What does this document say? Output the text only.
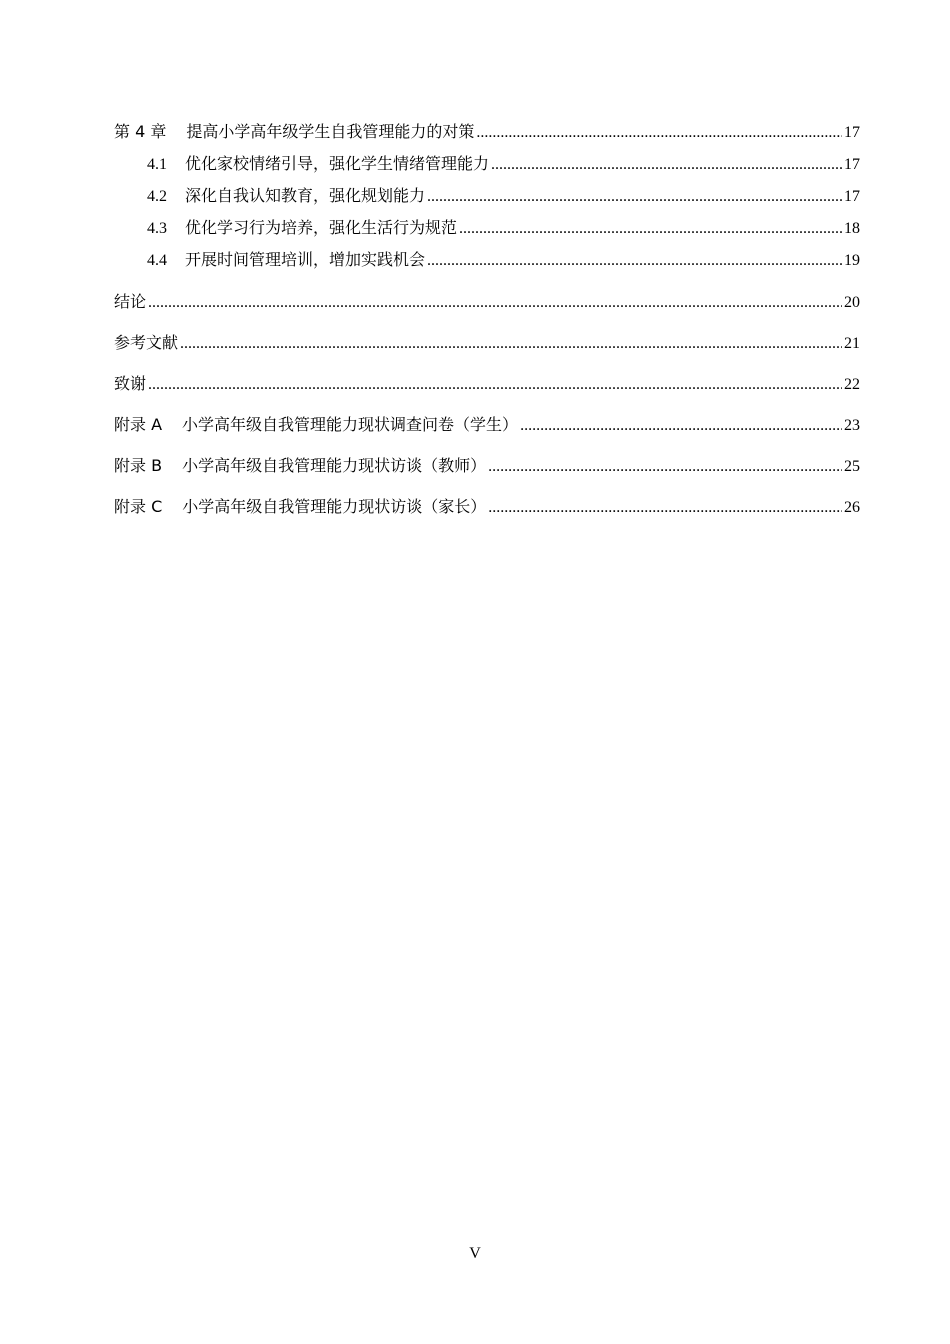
第 4 章 提高小学高年级学生自我管理能力的对策 .....	17
4.1 优化家校情绪引导，强化学生情绪管理能力 .....	17
4.2 深化自我认知教育，强化规划能力 .....	17
4.3 优化学习行为培养，强化生活行为规范 .....	18
4.4 开展时间管理培训，增加实践机会 .....	19
结论 .....	20
参考文献 .....	21
致谢 .....	22
附录 A 小学高年级自我管理能力现状调查问卷（学生） .....	23
附录 B 小学高年级自我管理能力现状访谈（教师） .....	25
附录 C 小学高年级自我管理能力现状访谈（家长） .....	26
V
